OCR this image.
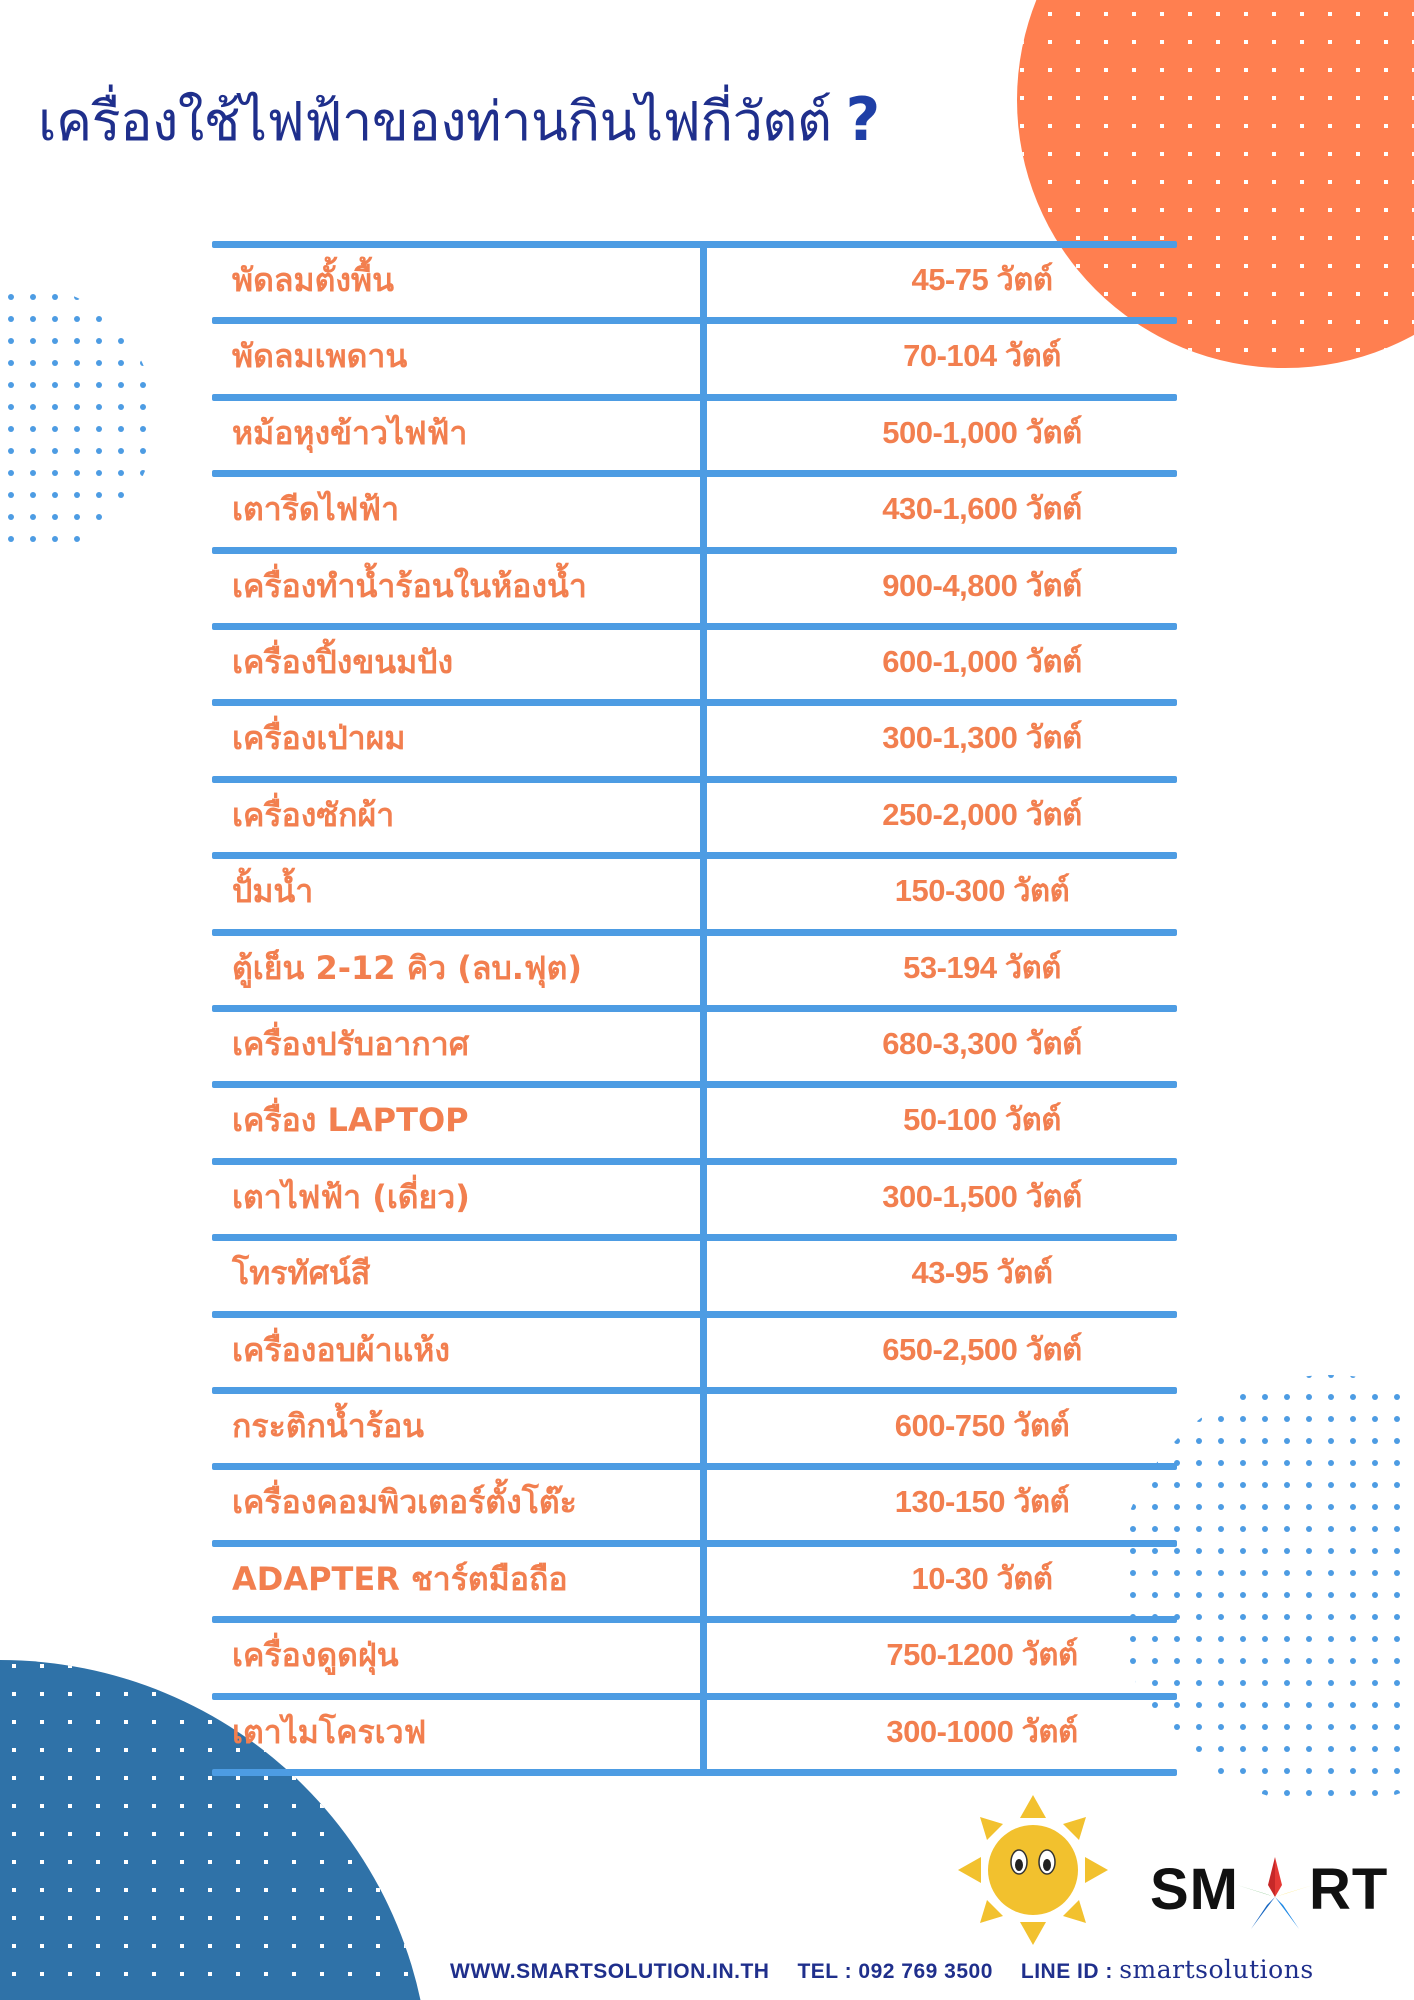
เครื่องใช้ไฟฟ้าของท่านกินไฟกี่วัตต์ ?
พัดลมตั้งพื้น	45-75 วัตต์
พัดลมเพดาน	70-104 วัตต์
หม้อหุงข้าวไฟฟ้า	500-1,000 วัตต์
เตารีดไฟฟ้า	430-1,600 วัตต์
เครื่องทำน้ำร้อนในห้องน้ำ	900-4,800 วัตต์
เครื่องปิ้งขนมปัง	600-1,000 วัตต์
เครื่องเป่าผม	300-1,300 วัตต์
เครื่องซักผ้า	250-2,000 วัตต์
ปั้มน้ำ	150-300 วัตต์
ตู้เย็น 2-12 คิว (ลบ.ฟุต)	53-194 วัตต์
เครื่องปรับอากาศ	680-3,300 วัตต์
เครื่อง LAPTOP	50-100 วัตต์
เตาไฟฟ้า (เดี่ยว)	300-1,500 วัตต์
โทรทัศน์สี	43-95 วัตต์
เครื่องอบผ้าแห้ง	650-2,500 วัตต์
กระติกน้ำร้อน	600-750 วัตต์
เครื่องคอมพิวเตอร์ตั้งโต๊ะ	130-150 วัตต์
ADAPTER ชาร์ตมือถือ	10-30 วัตต์
เครื่องดูดฝุ่น	750-1200 วัตต์
เตาไมโครเวฟ	300-1000 วัตต์
SM RT
WWW.SMARTSOLUTION.IN.TH TEL : 092 769 3500 LINE ID : smartsolutions
